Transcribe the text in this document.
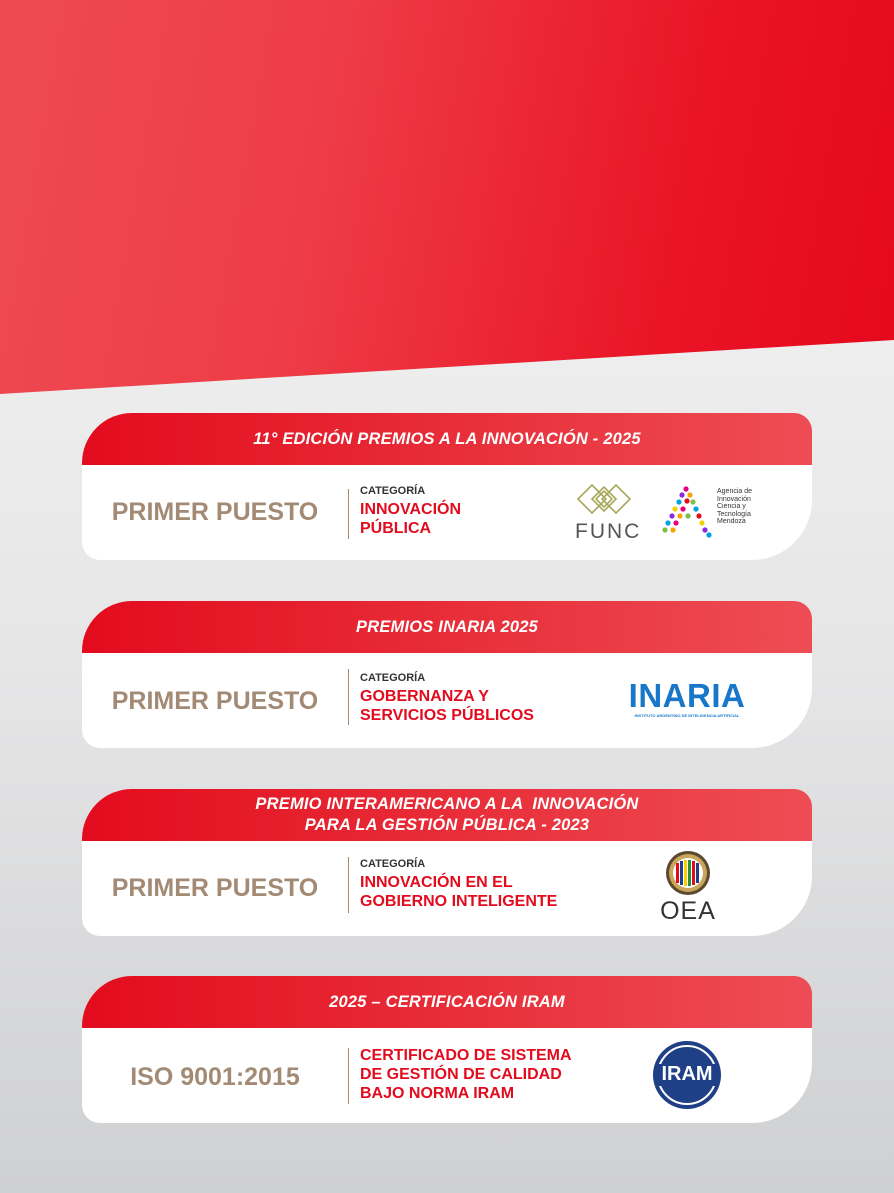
11° EDICIÓN PREMIOS A LA INNOVACIÓN - 2025
PRIMER PUESTO
CATEGORÍA
INNOVACIÓN
PÚBLICA	FUNC
Agencia de
Innovación
Ciencia y
Tecnología
Mendoza
PREMIOS INARIA 2025
PRIMER PUESTO
CATEGORÍA
GOBERNANZA Y
SERVICIOS PÚBLICOS
INARIA
INSTITUTO ARGENTINO DE INTELIGENCIA ARTIFICIAL
PREMIO INTERAMERICANO A LA  INNOVACIÓN
PARA LA GESTIÓN PÚBLICA - 2023
PRIMER PUESTO
CATEGORÍA
INNOVACIÓN EN EL
GOBIERNO INTELIGENTE	OEA
2025 – CERTIFICACIÓN IRAM
ISO 9001:2015
CERTIFICADO DE SISTEMA
DE GESTIÓN DE CALIDAD
BAJO NORMA IRAM
IRAM
